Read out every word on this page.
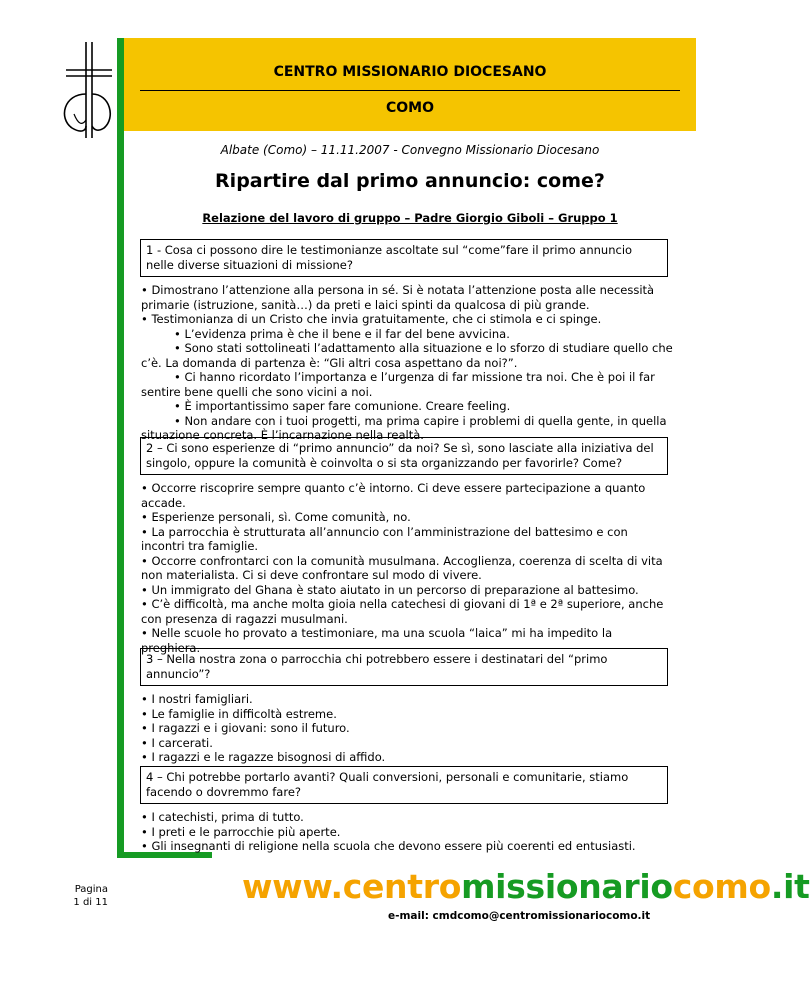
CENTRO MISSIONARIO DIOCESANO
COMO
Albate (Como) – 11.11.2007 - Convegno Missionario Diocesano
Ripartire dal primo annuncio: come?
Relazione del lavoro di gruppo – Padre Giorgio Giboli – Gruppo 1
1 - Cosa ci possono dire le testimonianze ascoltate sul “come”fare il primo annuncio nelle diverse situazioni di missione?

• Dimostrano l’attenzione alla persona in sé. Si è notata l’attenzione posta alle necessità primarie (istruzione, sanità…) da preti e laici spinti da qualcosa di più grande.

• Testimonianza di un Cristo che invia gratuitamente, che ci stimola e ci spinge.

• L’evidenza prima è che il bene e il far del bene avvicina.

• Sono stati sottolineati l’adattamento alla situazione e lo sforzo di studiare quello che c’è. La domanda di partenza è: “Gli altri cosa aspettano da noi?”.

• Ci hanno ricordato l’importanza e l’urgenza di far missione tra noi. Che è poi il far sentire bene quelli che sono vicini a noi.

• È importantissimo saper fare comunione. Creare feeling.

• Non andare con i tuoi progetti, ma prima capire i problemi di quella gente, in quella situazione concreta. È l’incarnazione nella realtà.

2 – Ci sono esperienze di “primo annuncio” da noi? Se sì, sono lasciate alla iniziativa del singolo, oppure la comunità è coinvolta o si sta organizzando per favorirle? Come?

• Occorre riscoprire sempre quanto c’è intorno. Ci deve essere partecipazione a quanto accade.

• Esperienze personali, sì. Come comunità, no.

• La parrocchia è strutturata all’annuncio con l’amministrazione del battesimo e con incontri tra famiglie.

• Occorre confrontarci con la comunità musulmana. Accoglienza, coerenza di scelta di vita non materialista. Ci si deve confrontare sul modo di vivere.

• Un immigrato del Ghana è stato aiutato in un percorso di preparazione al battesimo.

• C’è difficoltà, ma anche molta gioia nella catechesi di giovani di 1ª e 2ª superiore, anche con presenza di ragazzi musulmani.

• Nelle scuole ho provato a testimoniare, ma una scuola “laica” mi ha impedito la preghiera.

3 – Nella nostra zona o parrocchia chi potrebbero essere i destinatari del “primo annuncio”?

• I nostri famigliari.

• Le famiglie in difficoltà estreme.

• I ragazzi e i giovani: sono il futuro.

• I carcerati.

• I ragazzi e le ragazze bisognosi di affido.

4 – Chi potrebbe portarlo avanti? Quali conversioni, personali e comunitarie, stiamo facendo o dovremmo fare?

• I catechisti, prima di tutto.

• I preti e le parrocchie più aperte.

• Gli insegnanti di religione nella scuola che devono essere più coerenti ed entusiasti.

Pagina
1 di 11	www.centromissionariocomo.it
e-mail: cmdcomo@centromissionariocomo.it
